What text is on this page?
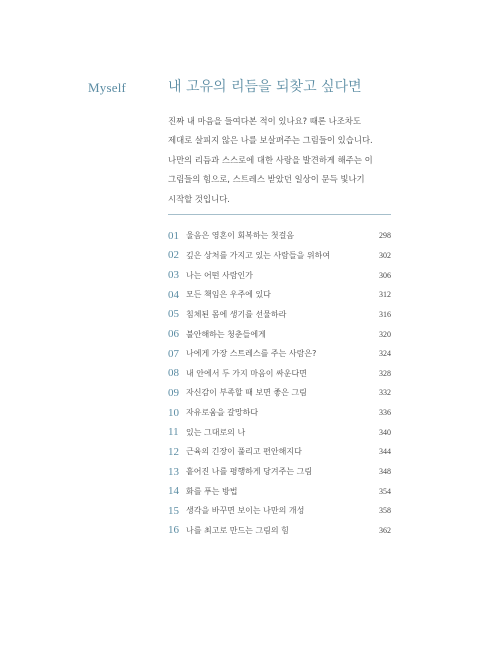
Myself	내 고유의 리듬을 되찾고 싶다면

진짜 내 마음을 들여다본 적이 있나요? 때론 나조차도
제대로 살피지 않은 나를 보살펴주는 그림들이 있습니다.
나만의 리듬과 스스로에 대한 사랑을 발견하게 해주는 이
그림들의 힘으로, 스트레스 받았던 일상이 문득 빛나기
시작할 것입니다.

01 울음은 영혼이 회복하는 첫걸음	298
02 깊은 상처를 가지고 있는 사람들을 위하여	302
03 나는 어떤 사람인가	306
04 모든 책임은 우주에 있다	312
05 침체된 몸에 생기를 선물하라	316
06 불안해하는 청춘들에게	320
07 나에게 가장 스트레스를 주는 사람은?	324
08 내 안에서 두 가지 마음이 싸운다면	328
09 자신감이 부족할 때 보면 좋은 그림	332
10 자유로움을 갈망하다	336
11 있는 그대로의 나	340
12 근육의 긴장이 풀리고 편안해지다	344
13 흩어진 나를 평행하게 당겨주는 그림	348
14 화를 푸는 방법	354
15 생각을 바꾸면 보이는 나만의 개성	358
16 나를 최고로 만드는 그림의 힘	362
